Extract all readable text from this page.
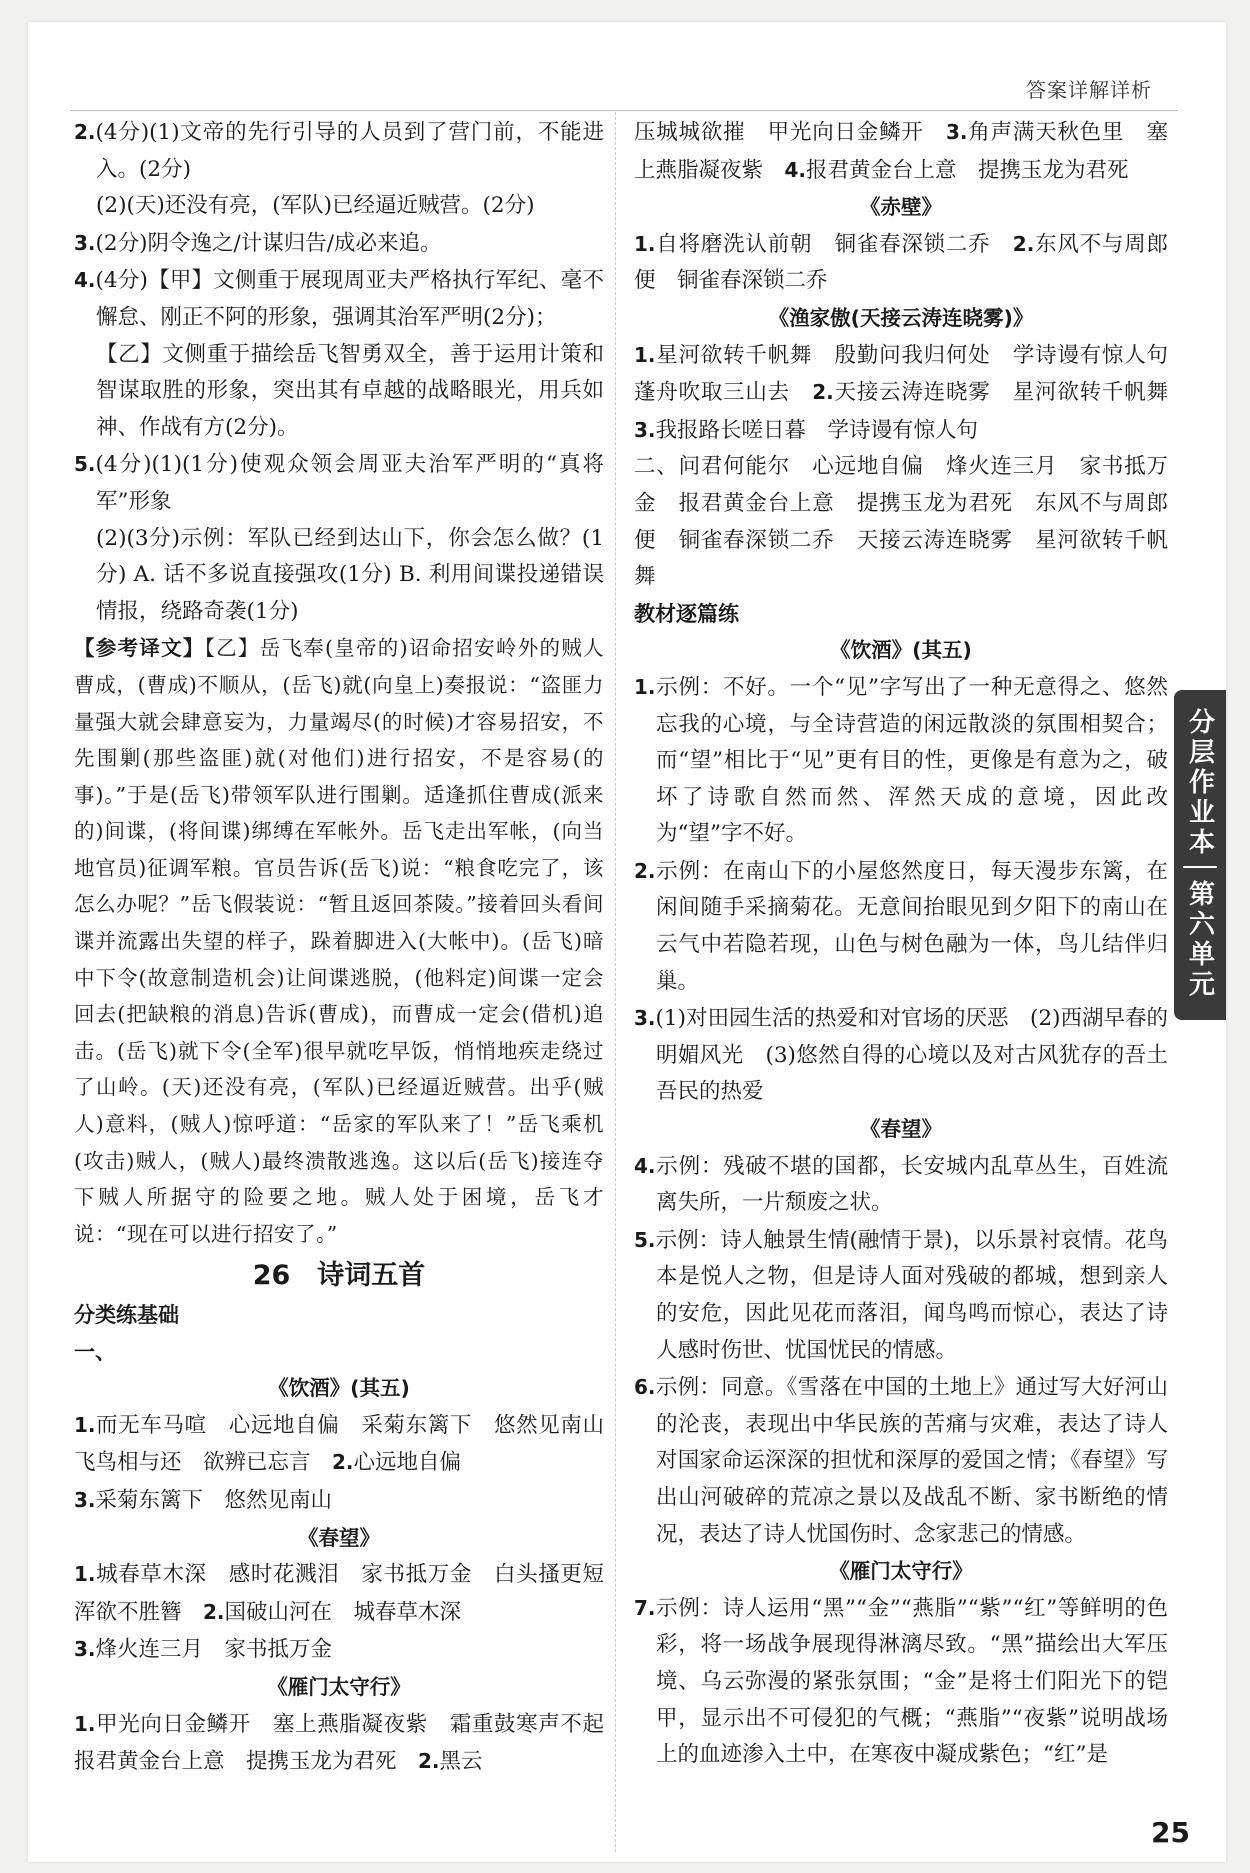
答案详解详析

2.(4分)(1)文帝的先行引导的人员到了营门前，不能进入。(2分)

(2)(天)还没有亮，(军队)已经逼近贼营。(2分)

3.(2分)阴令逸之/计谋归告/成必来追。

4.(4分)【甲】文侧重于展现周亚夫严格执行军纪、毫不懈怠、刚正不阿的形象，强调其治军严明(2分)；

【乙】文侧重于描绘岳飞智勇双全，善于运用计策和智谋取胜的形象，突出其有卓越的战略眼光，用兵如神、作战有方(2分)。

5.(4分)(1)(1分)使观众领会周亚夫治军严明的“真将军”形象

(2)(3分)示例：军队已经到达山下，你会怎么做？(1分) A. 话不多说直接强攻(1分) B. 利用间谍投递错误情报，绕路奇袭(1分)

【参考译文】【乙】岳飞奉(皇帝的)诏命招安岭外的贼人曹成，(曹成)不顺从，(岳飞)就(向皇上)奏报说：“盗匪力量强大就会肆意妄为，力量竭尽(的时候)才容易招安，不先围剿(那些盗匪)就(对他们)进行招安，不是容易(的事)。”于是(岳飞)带领军队进行围剿。适逢抓住曹成(派来的)间谍，(将间谍)绑缚在军帐外。岳飞走出军帐，(向当地官员)征调军粮。官员告诉(岳飞)说：“粮食吃完了，该怎么办呢？”岳飞假装说：“暂且返回茶陵。”接着回头看间谍并流露出失望的样子，跺着脚进入(大帐中)。(岳飞)暗中下令(故意制造机会)让间谍逃脱，(他料定)间谍一定会回去(把缺粮的消息)告诉(曹成)，而曹成一定会(借机)追击。(岳飞)就下令(全军)很早就吃早饭，悄悄地疾走绕过了山岭。(天)还没有亮，(军队)已经逼近贼营。出乎(贼人)意料，(贼人)惊呼道：“岳家的军队来了！”岳飞乘机(攻击)贼人，(贼人)最终溃散逃逸。这以后(岳飞)接连夺下贼人所据守的险要之地。贼人处于困境，岳飞才说：“现在可以进行招安了。”

26　诗词五首

分类练基础

一、

《饮酒》(其五)

1.而无车马喧　心远地自偏　采菊东篱下　悠然见南山　飞鸟相与还　欲辨已忘言　2.心远地自偏

3.采菊东篱下　悠然见南山

《春望》

1.城春草木深　感时花溅泪　家书抵万金　白头搔更短　浑欲不胜簪　2.国破山河在　城春草木深

3.烽火连三月　家书抵万金

《雁门太守行》

1.甲光向日金鳞开　塞上燕脂凝夜紫　霜重鼓寒声不起　报君黄金台上意　提携玉龙为君死　2.黑云

压城城欲摧　甲光向日金鳞开　3.角声满天秋色里　塞上燕脂凝夜紫　4.报君黄金台上意　提携玉龙为君死

《赤壁》

1.自将磨洗认前朝　铜雀春深锁二乔　2.东风不与周郎便　铜雀春深锁二乔

《渔家傲(天接云涛连晓雾)》

1.星河欲转千帆舞　殷勤问我归何处　学诗谩有惊人句　蓬舟吹取三山去　2.天接云涛连晓雾　星河欲转千帆舞　3.我报路长嗟日暮　学诗谩有惊人句

二、问君何能尔　心远地自偏　烽火连三月　家书抵万金　报君黄金台上意　提携玉龙为君死　东风不与周郎便　铜雀春深锁二乔　天接云涛连晓雾　星河欲转千帆舞

教材逐篇练

《饮酒》(其五)

1.示例：不好。一个“见”字写出了一种无意得之、悠然忘我的心境，与全诗营造的闲远散淡的氛围相契合；而“望”相比于“见”更有目的性，更像是有意为之，破坏了诗歌自然而然、浑然天成的意境，因此改为“望”字不好。

2.示例：在南山下的小屋悠然度日，每天漫步东篱，在闲间随手采摘菊花。无意间抬眼见到夕阳下的南山在云气中若隐若现，山色与树色融为一体，鸟儿结伴归巢。

3.(1)对田园生活的热爱和对官场的厌恶　(2)西湖早春的明媚风光　(3)悠然自得的心境以及对古风犹存的吾土吾民的热爱

《春望》

4.示例：残破不堪的国都，长安城内乱草丛生，百姓流离失所，一片颓废之状。

5.示例：诗人触景生情(融情于景)，以乐景衬哀情。花鸟本是悦人之物，但是诗人面对残破的都城，想到亲人的安危，因此见花而落泪，闻鸟鸣而惊心，表达了诗人感时伤世、忧国忧民的情感。

6.示例：同意。《雪落在中国的土地上》通过写大好河山的沦丧，表现出中华民族的苦痛与灾难，表达了诗人对国家命运深深的担忧和深厚的爱国之情；《春望》写出山河破碎的荒凉之景以及战乱不断、家书断绝的情况，表达了诗人忧国伤时、念家悲己的情感。

《雁门太守行》

7.示例：诗人运用“黑”“金”“燕脂”“紫”“红”等鲜明的色彩，将一场战争展现得淋漓尽致。“黑”描绘出大军压境、乌云弥漫的紧张氛围；“金”是将士们阳光下的铠甲，显示出不可侵犯的气概；“燕脂”“夜紫”说明战场上的血迹渗入土中，在寒夜中凝成紫色；“红”是

分层作业本
第六单元
25
